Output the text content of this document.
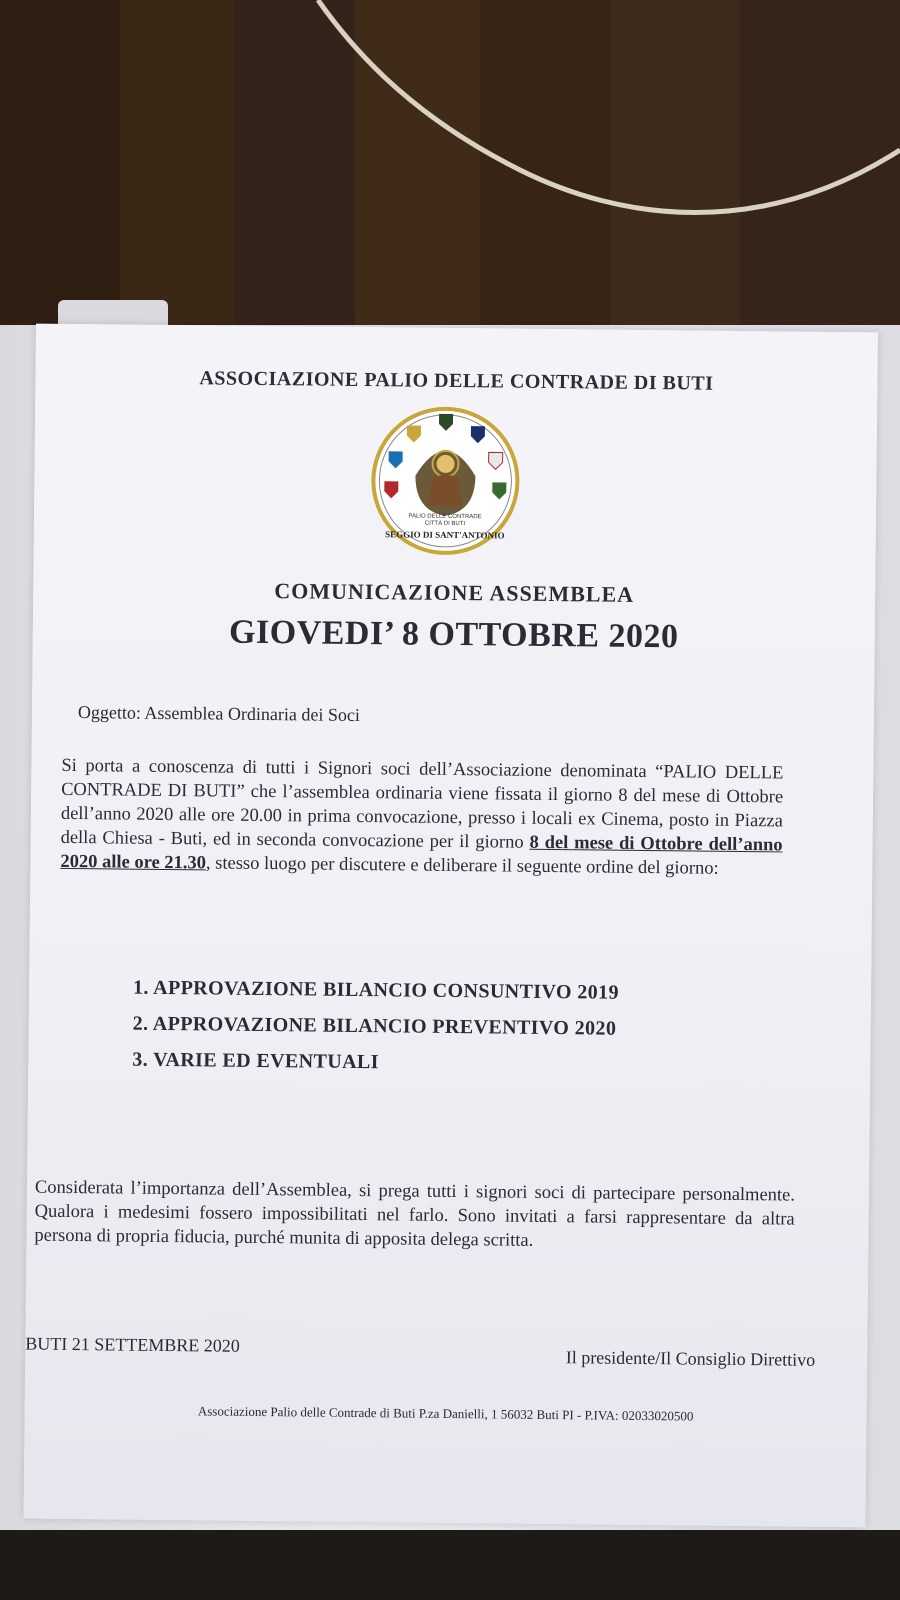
ASSOCIAZIONE PALIO DELLE CONTRADE DI BUTI
PALIO DELLE CONTRADE
CITTÀ DI BUTI
SEGGIO DI SANT'ANTONIO
COMUNICAZIONE ASSEMBLEA
GIOVEDI’ 8 OTTOBRE 2020
Oggetto: Assemblea Ordinaria dei Soci
Si porta a conoscenza di tutti i Signori soci dell’Associazione denominata “PALIO DELLE CONTRADE DI BUTI” che l’assemblea ordinaria viene fissata il giorno 8 del mese di Ottobre dell’anno 2020 alle ore 20.00 in prima convocazione, presso i locali ex Cinema, posto in Piazza della Chiesa - Buti, ed in seconda convocazione per il giorno 8 del mese di Ottobre dell’anno 2020 alle ore 21.30, stesso luogo per discutere e deliberare il seguente ordine del giorno:
1. APPROVAZIONE BILANCIO CONSUNTIVO 2019
2. APPROVAZIONE BILANCIO PREVENTIVO 2020
3. VARIE ED EVENTUALI
Considerata l’importanza dell’Assemblea, si prega tutti i signori soci di partecipare personalmente. Qualora i medesimi fossero impossibilitati nel farlo. Sono invitati a farsi rappresentare da altra persona di propria fiducia, purché munita di apposita delega scritta.
BUTI 21 SETTEMBRE 2020
Il presidente/Il Consiglio Direttivo
Associazione Palio delle Contrade di Buti P.za Danielli, 1 56032 Buti PI - P.IVA: 02033020500
